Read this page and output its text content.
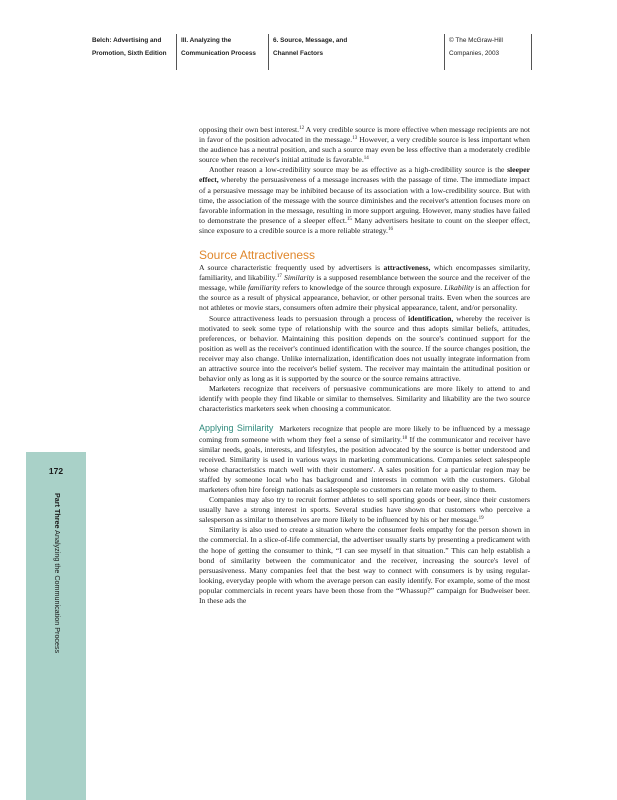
Belch: Advertising and
Promotion, Sixth Edition
III. Analyzing the
Communication Process
6. Source, Message, and
Channel Factors
© The McGraw-Hill
Companies, 2003
172
Part Three Analyzing the Communication Process

opposing their own best interest.$^{12}$ A very credible source is more effective when message recipients are not in favor of the position advocated in the message.$^{13}$ However, a very credible source is less important when the audience has a neutral position, and such a source may even be less effective than a moderately credible source when the receiver's initial attitude is favorable.$^{14}$

Another reason a low-credibility source may be as effective as a high-credibility source is the sleeper effect, whereby the persuasiveness of a message increases with the passage of time. The immediate impact of a persuasive message may be inhibited because of its association with a low-credibility source. But with time, the association of the message with the source diminishes and the receiver's attention focuses more on favorable information in the message, resulting in more support arguing. However, many studies have failed to demonstrate the presence of a sleeper effect.$^{15}$ Many advertisers hesitate to count on the sleeper effect, since exposure to a credible source is a more reliable strategy.$^{16}$

Source Attractiveness

A source characteristic frequently used by advertisers is attractiveness, which encompasses similarity, familiarity, and likability.$^{17}$ Similarity is a supposed resemblance between the source and the receiver of the message, while familiarity refers to knowledge of the source through exposure. Likability is an affection for the source as a result of physical appearance, behavior, or other personal traits. Even when the sources are not athletes or movie stars, consumers often admire their physical appearance, talent, and/or personality.

Source attractiveness leads to persuasion through a process of identification, whereby the receiver is motivated to seek some type of relationship with the source and thus adopts similar beliefs, attitudes, preferences, or behavior. Maintaining this position depends on the source's continued support for the position as well as the receiver's continued identification with the source. If the source changes position, the receiver may also change. Unlike internalization, identification does not usually integrate information from an attractive source into the receiver's belief system. The receiver may maintain the attitudinal position or behavior only as long as it is supported by the source or the source remains attractive.

Marketers recognize that receivers of persuasive communications are more likely to attend to and identify with people they find likable or similar to themselves. Similarity and likability are the two source characteristics marketers seek when choosing a communicator.

Applying Similarity Marketers recognize that people are more likely to be influenced by a message coming from someone with whom they feel a sense of similarity.$^{18}$ If the communicator and receiver have similar needs, goals, interests, and lifestyles, the position advocated by the source is better understood and received. Similarity is used in various ways in marketing communications. Companies select salespeople whose characteristics match well with their customers'. A sales position for a particular region may be staffed by someone local who has background and interests in common with the customers. Global marketers often hire foreign nationals as salespeople so customers can relate more easily to them.

Companies may also try to recruit former athletes to sell sporting goods or beer, since their customers usually have a strong interest in sports. Several studies have shown that customers who perceive a salesperson as similar to themselves are more likely to be influenced by his or her message.$^{19}$

Similarity is also used to create a situation where the consumer feels empathy for the person shown in the commercial. In a slice-of-life commercial, the advertiser usually starts by presenting a predicament with the hope of getting the consumer to think, “I can see myself in that situation.” This can help establish a bond of similarity between the communicator and the receiver, increasing the source's level of persuasiveness. Many companies feel that the best way to connect with consumers is by using regular-looking, everyday people with whom the average person can easily identify. For example, some of the most popular commercials in recent years have been those from the “Whassup?” campaign for Budweiser beer. In these ads the
